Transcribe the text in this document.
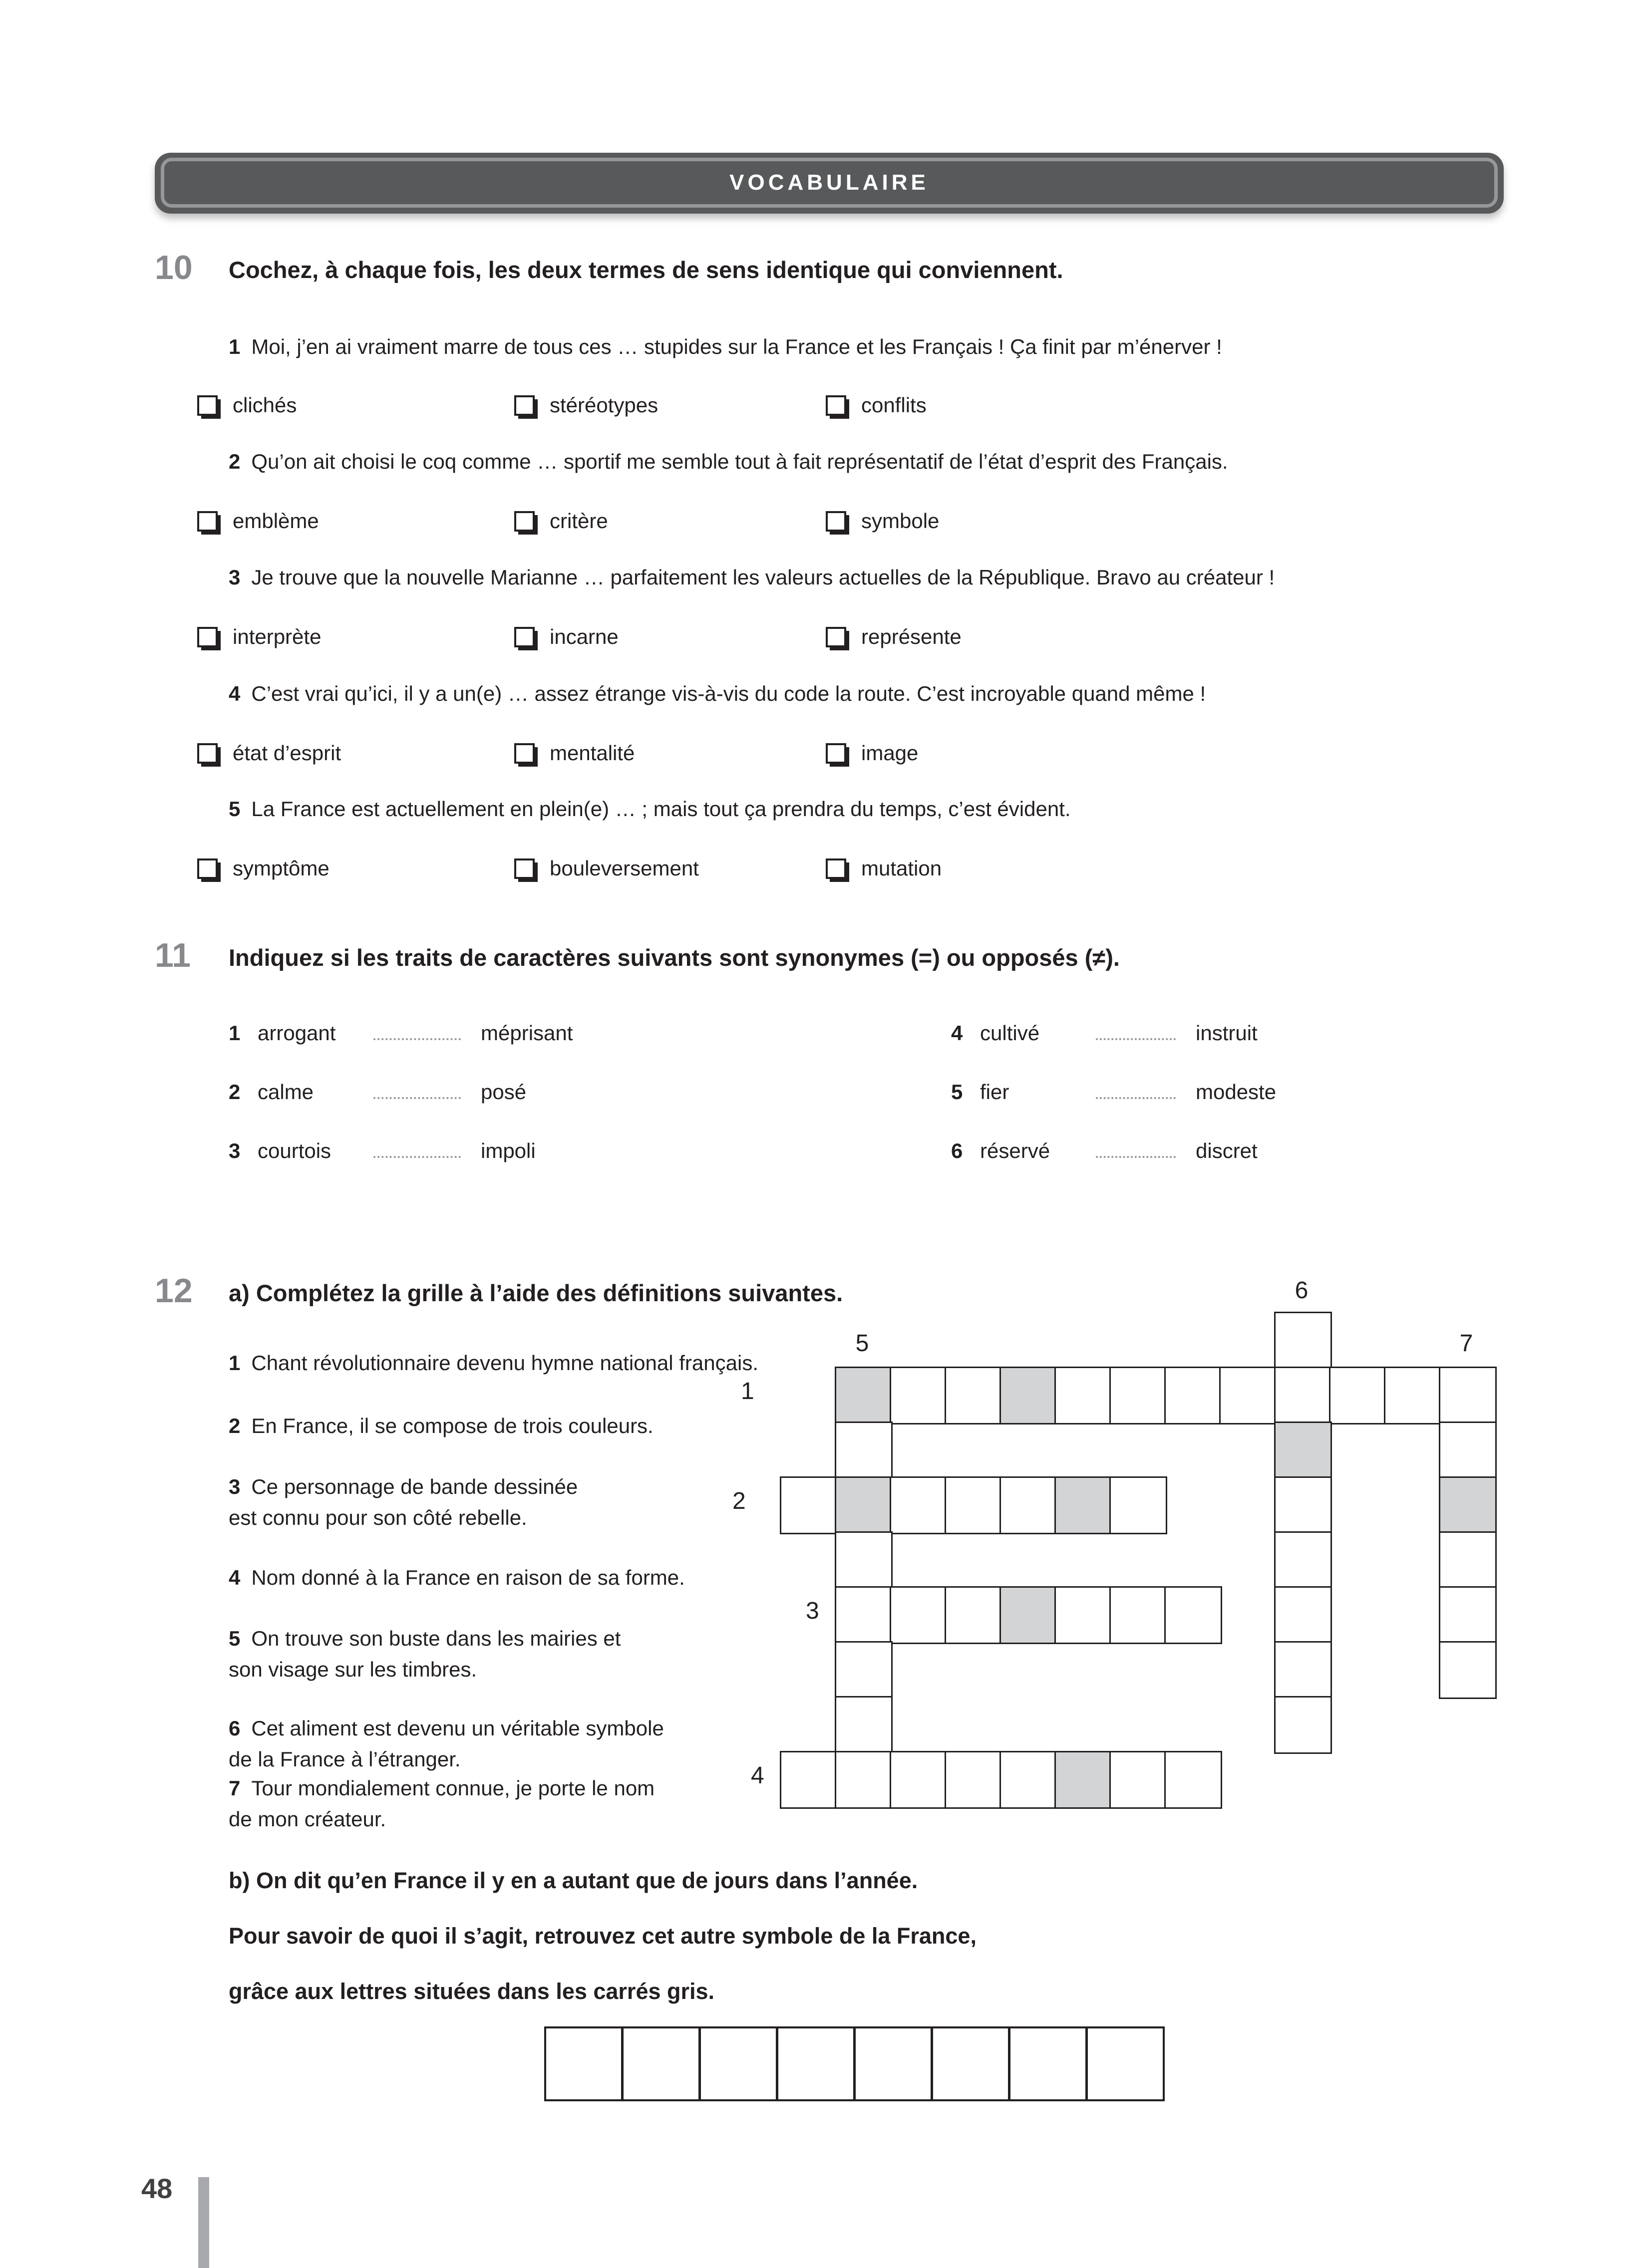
VOCABULAIRE
10	Cochez, à chaque fois, les deux termes de sens identique qui conviennent.
1 Moi, j’en ai vraiment marre de tous ces … stupides sur la France et les Français ! Ça finit par m’énerver !
clichés	stéréotypes	conflits
2 Qu’on ait choisi le coq comme … sportif me semble tout à fait représentatif de l’état d’esprit des Français.
emblème	critère	symbole
3 Je trouve que la nouvelle Marianne … parfaitement les valeurs actuelles de la République. Bravo au créateur !
interprète	incarne	représente
4 C’est vrai qu’ici, il y a un(e) … assez étrange vis-à-vis du code la route. C’est incroyable quand même !
état d’esprit	mentalité	image
5 La France est actuellement en plein(e) … ; mais tout ça prendra du temps, c’est évident.
symptôme	bouleversement	mutation
11	Indiquez si les traits de caractères suivants sont synonymes (=) ou opposés (≠).
1 arrogant	méprisant
2 calme	posé
3 courtois	impoli
4 cultivé	instruit
5 fier	modeste
6 réservé	discret
12	a) Complétez la grille à l’aide des définitions suivantes.
1 Chant révolutionnaire devenu hymne national français.
2 En France, il se compose de trois couleurs.
3 Ce personnage de bande dessinée
est connu pour son côté rebelle.
4 Nom donné à la France en raison de sa forme.
5 On trouve son buste dans les mairies et
son visage sur les timbres.
6 Cet aliment est devenu un véritable symbole
de la France à l’étranger.
7 Tour mondialement connue, je porte le nom
de mon créateur.
5
6
7
1
2
3
4
b) On dit qu’en France il y en a autant que de jours dans l’année.
Pour savoir de quoi il s’agit, retrouvez cet autre symbole de la France,
grâce aux lettres situées dans les carrés gris.
48
